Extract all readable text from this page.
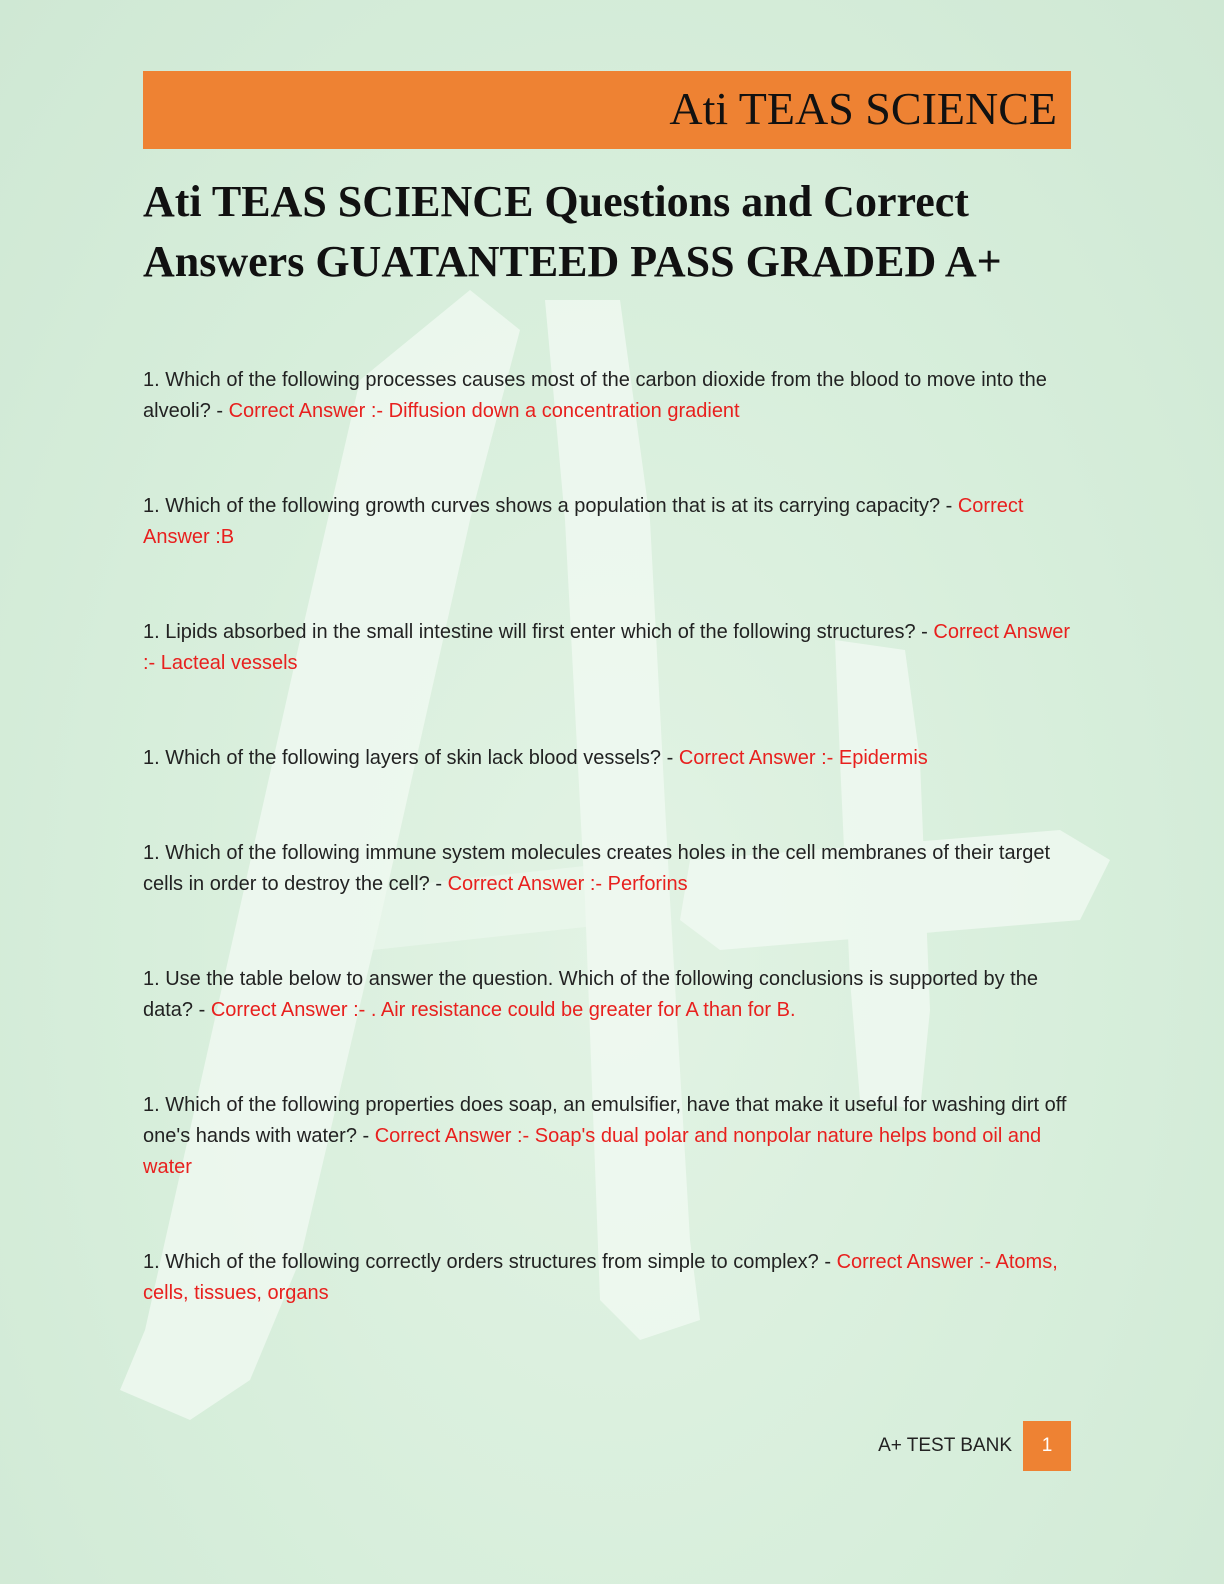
Ati TEAS SCIENCE
Ati TEAS SCIENCE Questions and Correct Answers GUATANTEED PASS GRADED A+

1. Which of the following processes causes most of the carbon dioxide from the blood to move into the alveoli? - Correct Answer :- Diffusion down a concentration gradient

1. Which of the following growth curves shows a population that is at its carrying capacity? - Correct Answer :B

1. Lipids absorbed in the small intestine will first enter which of the following structures? - Correct Answer :- Lacteal vessels

1. Which of the following layers of skin lack blood vessels? - Correct Answer :- Epidermis

1. Which of the following immune system molecules creates holes in the cell membranes of their target cells in order to destroy the cell? - Correct Answer :- Perforins

1. Use the table below to answer the question. Which of the following conclusions is supported by the data? - Correct Answer :- . Air resistance could be greater for A than for B.

1. Which of the following properties does soap, an emulsifier, have that make it useful for washing dirt off one's hands with water? - Correct Answer :- Soap's dual polar and nonpolar nature helps bond oil and water

1. Which of the following correctly orders structures from simple to complex? - Correct Answer :- Atoms, cells, tissues, organs

A+ TEST BANK	1
